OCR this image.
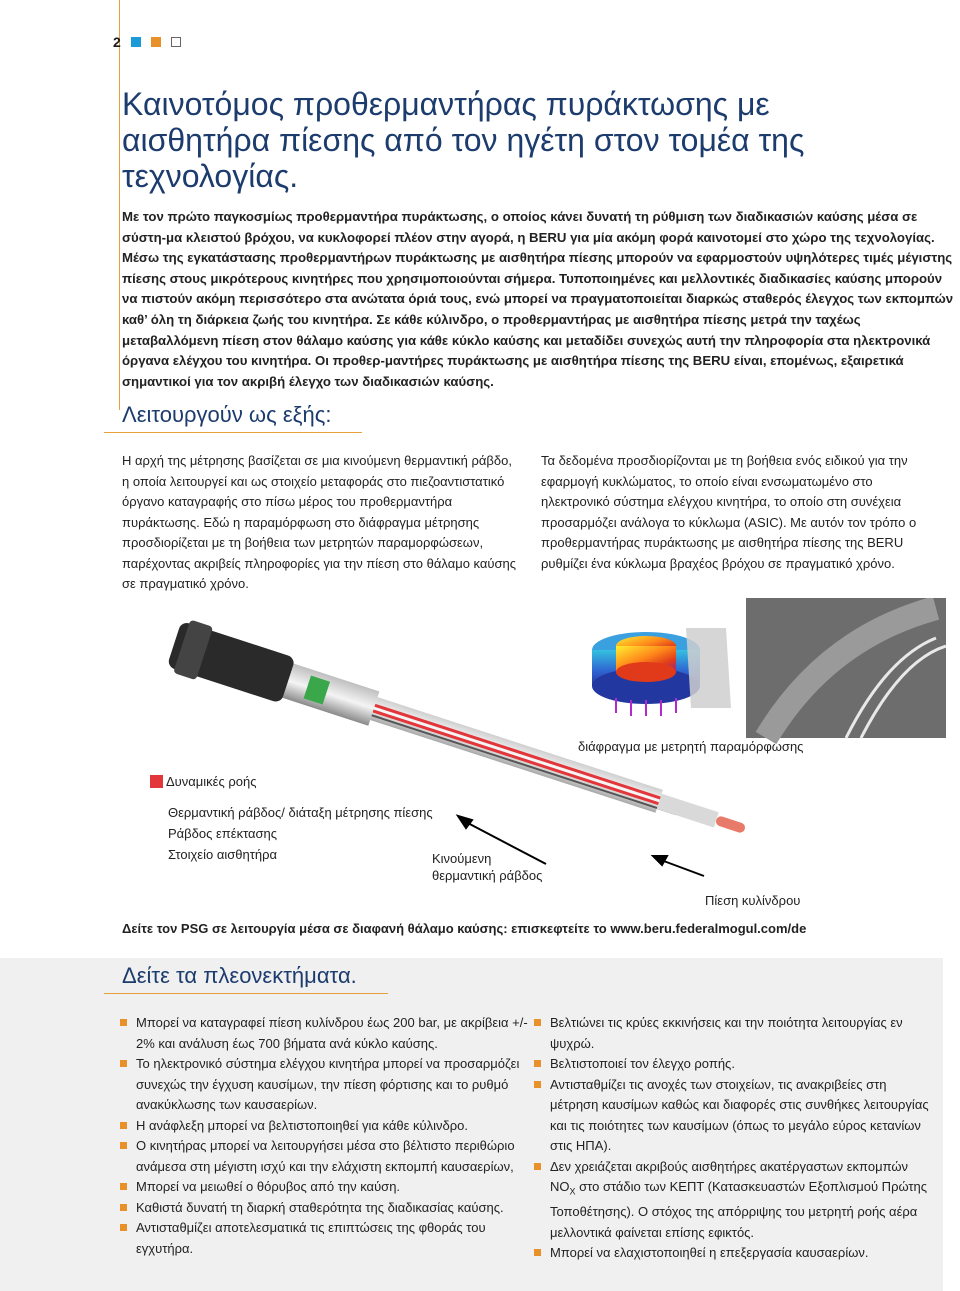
2
Καινοτόμος προθερμαντήρας πυράκτωσης με αισθητήρα πίεσης από τον ηγέτη στον τομέα της τεχνολογίας.

Με τον πρώτο παγκοσμίως προθερμαντήρα πυράκτωσης, ο οποίος κάνει δυνατή τη ρύθμιση των διαδικασιών καύσης μέσα σε σύστη-μα κλειστού βρόχου, να κυκλοφορεί πλέον στην αγορά, η BERU για μία ακόμη φορά καινοτομεί στο χώρο της τεχνολογίας. Μέσω της εγκατάστασης προθερμαντήρων πυράκτωσης με αισθητήρα πίεσης μπορούν να εφαρμοστούν υψηλότερες τιμές μέγιστης πίεσης στους μικρότερους κινητήρες που χρησιμοποιούνται σήμερα. Τυποποιημένες και μελλοντικές διαδικασίες καύσης μπορούν να πιστούν ακόμη περισσότερο στα ανώτατα όριά τους, ενώ μπορεί να πραγματοποιείται διαρκώς σταθερός έλεγχος των εκπομπών καθ’ όλη τη διάρκεια ζωής του κινητήρα. Σε κάθε κύλινδρο, ο προθερμαντήρας με αισθητήρα πίεσης μετρά την ταχέως μεταβαλλόμενη πίεση στον θάλαμο καύσης για κάθε κύκλο καύσης και μεταδίδει συνεχώς αυτή την πληροφορία στα ηλεκτρονικά όργανα ελέγχου του κινητήρα. Οι προθερ-μαντήρες πυράκτωσης με αισθητήρα πίεσης της BERU είναι, επομένως, εξαιρετικά σημαντικοί για τον ακριβή έλεγχο των διαδικασιών καύσης.

Λειτουργούν ως εξής:

Η αρχή της μέτρησης βασίζεται σε μια κινούμενη θερμαντική ράβδο, η οποία λειτουργεί και ως στοιχείο μεταφοράς στο πιεζοαντιστατικό όργανο καταγραφής στο πίσω μέρος του προθερμαντήρα πυράκτωσης. Εδώ η παραμόρφωση στο διάφραγμα μέτρησης προσδιορίζεται με τη βοήθεια των μετρητών παραμορφώσεων, παρέχοντας ακριβείς πληροφορίες για την πίεση στο θάλαμο καύσης σε πραγματικό χρόνο.

Τα δεδομένα προσδιορίζονται με τη βοήθεια ενός ειδικού για την εφαρμογή κυκλώματος, το οποίο είναι ενσωματωμένο στο ηλεκτρονικό σύστημα ελέγχου κινητήρα, το οποίο στη συνέχεια προσαρμόζει ανάλογα το κύκλωμα (ASIC). Με αυτόν τον τρόπο ο προθερμαντήρας πυράκτωσης με αισθητήρα πίεσης της BERU ρυθμίζει ένα κύκλωμα βραχέος βρόχου σε πραγματικό χρόνο.

διάφραγμα με μετρητή παραμόρφωσης
Δυναμικές ροής
Θερμαντική ράβδος/ διάταξη μέτρησης πίεσης
Ράβδος επέκτασης
Στοιχείο αισθητήρα	Κινούμενη
θερμαντική ράβδος
Πίεση κυλίνδρου
Δείτε τον PSG σε λειτουργία μέσα σε διαφανή θάλαμο καύσης: επισκεφτείτε το www.beru.federalmogul.com/de
Δείτε τα πλεονεκτήματα.
Μπορεί να καταγραφεί πίεση κυλίνδρου έως 200 bar, με ακρίβεια +/- 2% και ανάλυση έως 700 βήματα ανά κύκλο καύσης.
Το ηλεκτρονικό σύστημα ελέγχου κινητήρα μπορεί να προσαρμόζει συνεχώς την έγχυση καυσίμων, την πίεση φόρτισης και το ρυθμό ανακύκλωσης των καυσαερίων.
Η ανάφλεξη μπορεί να βελτιστοποιηθεί για κάθε κύλινδρο.
Ο κινητήρας μπορεί να λειτουργήσει μέσα στο βέλτιστο περιθώριο ανάμεσα στη μέγιστη ισχύ και την ελάχιστη εκπομπή καυσαερίων,
Μπορεί να μειωθεί ο θόρυβος από την καύση.
Καθιστά δυνατή τη διαρκή σταθερότητα της διαδικασίας καύσης.
Αντισταθμίζει αποτελεσματικά τις επιπτώσεις της φθοράς του εγχυτήρα.
Βελτιώνει τις κρύες εκκινήσεις και την ποιότητα λειτουργίας εν ψυχρώ.
Βελτιστοποιεί τον έλεγχο ροπής.
Αντισταθμίζει τις ανοχές των στοιχείων, τις ανακριβείες στη μέτρηση καυσίμων καθώς και διαφορές στις συνθήκες λειτουργίας και τις ποιότητες των καυσίμων (όπως το μεγάλο εύρος κετανίων στις ΗΠΑ).
Δεν χρειάζεται ακριβούς αισθητήρες ακατέργαστων εκπομπών $NO_X$ στο στάδιο των ΚΕΠΤ (Κατασκευαστών Εξοπλισμού Πρώτης Τοποθέτησης). Ο στόχος της απόρριψης του μετρητή ροής αέρα μελλοντικά φαίνεται επίσης εφικτός.
Μπορεί να ελαχιστοποιηθεί η επεξεργασία καυσαερίων.
